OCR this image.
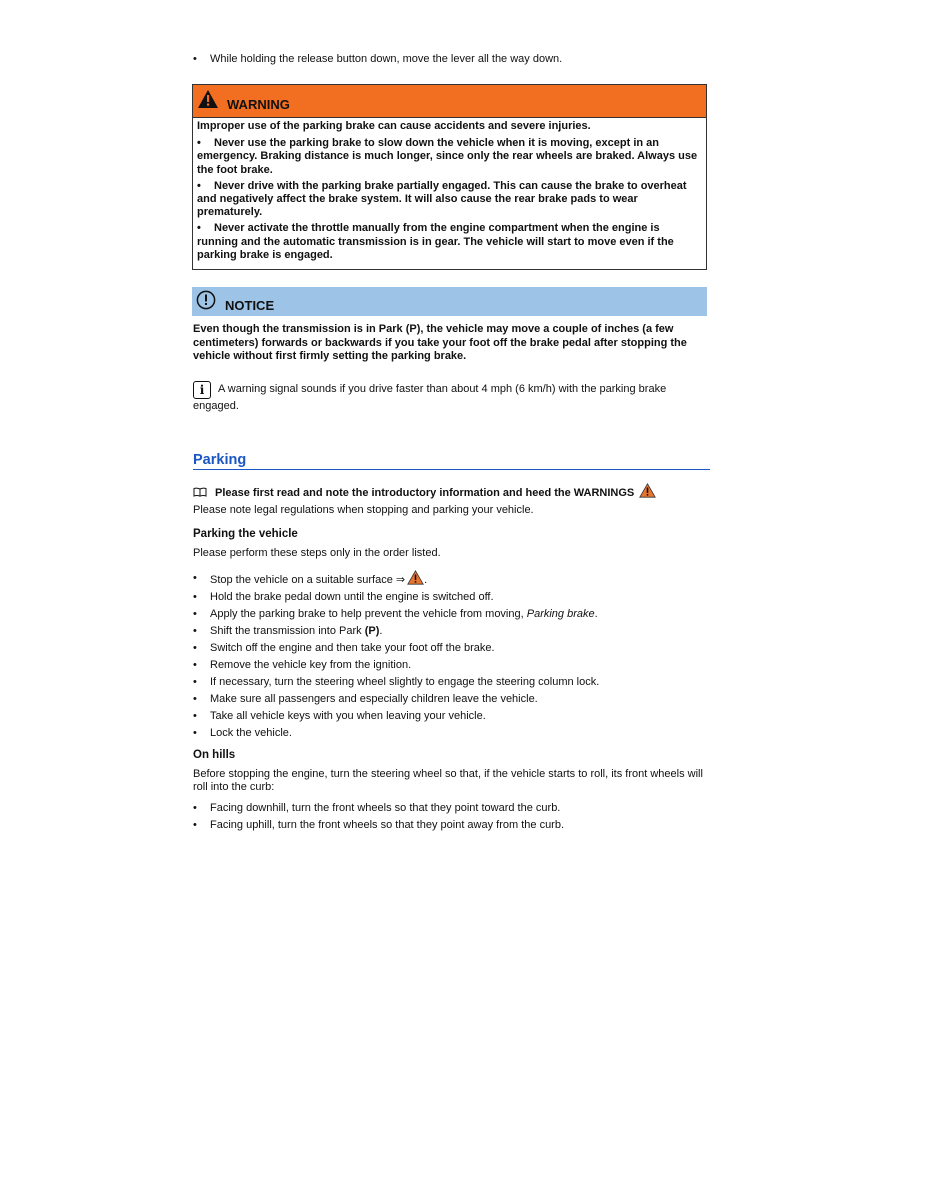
•	While holding the release button down, move the lever all the way down.
WARNING

Improper use of the parking brake can cause accidents and severe injuries.

• Never use the parking brake to slow down the vehicle when it is moving, except in an emergency. Braking distance is much longer, since only the rear wheels are braked. Always use the foot brake.
• Never drive with the parking brake partially engaged. This can cause the brake to overheat and negatively affect the brake system. It will also cause the rear brake pads to wear prematurely.
• Never activate the throttle manually from the engine compartment when the engine is running and the automatic transmission is in gear. The vehicle will start to move even if the parking brake is engaged.
NOTICE
Even though the transmission is in Park (P), the vehicle may move a couple of inches (a few centimeters) forwards or backwards if you take your foot off the brake pedal after stopping the vehicle without first firmly setting the parking brake.
i A warning signal sounds if you drive faster than about 4 mph (6 km/h) with the parking brake engaged.
Parking
Please first read and note the introductory information and heed the WARNINGS
Please note legal regulations when stopping and parking your vehicle.
Parking the vehicle
Please perform these steps only in the order listed.
• Stop the vehicle on a suitable surface ⇒ .
• Hold the brake pedal down until the engine is switched off.
• Apply the parking brake to help prevent the vehicle from moving, Parking brake.
• Shift the transmission into Park (P).
• Switch off the engine and then take your foot off the brake.
• Remove the vehicle key from the ignition.
• If necessary, turn the steering wheel slightly to engage the steering column lock.
• Make sure all passengers and especially children leave the vehicle.
• Take all vehicle keys with you when leaving your vehicle.
• Lock the vehicle.
On hills
Before stopping the engine, turn the steering wheel so that, if the vehicle starts to roll, its front wheels will roll into the curb:
• Facing downhill, turn the front wheels so that they point toward the curb.
• Facing uphill, turn the front wheels so that they point away from the curb.
